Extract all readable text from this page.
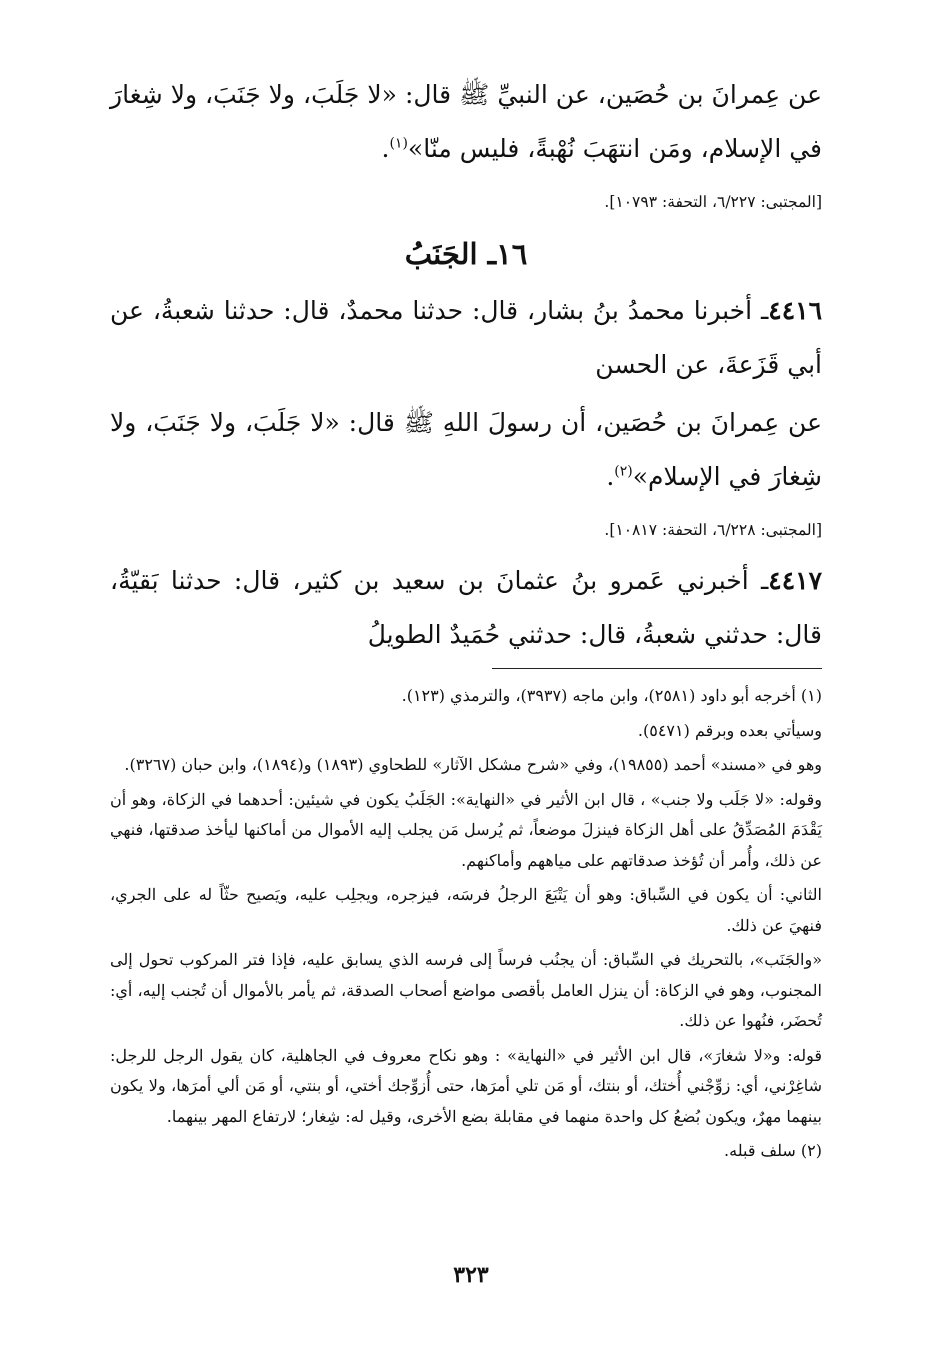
عن عِمرانَ بن حُصَين، عن النبيِّ ﷺ قال: «لا جَلَبَ، ولا جَنَبَ، ولا شِغارَ في الإسلام، ومَن انتهَبَ نُهْبةً، فليس منّا»$^{(١)}$.

[المجتبى: ٦/٢٢٧، التحفة: ١٠٧٩٣].

١٦ـ الجَنَبُ

٤٤١٦ـ أخبرنا محمدُ بنُ بشار، قال: حدثنا محمدٌ، قال: حدثنا شعبةُ، عن أبي قَزَعةَ، عن الحسن

عن عِمرانَ بن حُصَين، أن رسولَ اللهِ ﷺ قال: «لا جَلَبَ، ولا جَنَبَ، ولا شِغارَ في الإسلام»$^{(٢)}$.

[المجتبى: ٦/٢٢٨، التحفة: ١٠٨١٧].

٤٤١٧ـ أخبرني عَمرو بنُ عثمانَ بن سعيد بن كثير، قال: حدثنا بَقيّةُ، قال: حدثني شعبةُ، قال: حدثني حُمَيدٌ الطويلُ

(١) أخرجه أبو داود (٢٥٨١)، وابن ماجه (٣٩٣٧)، والترمذي (١٢٣).

وسيأتي بعده وبرقم (٥٤٧١).

وهو في «مسند» أحمد (١٩٨٥٥)، وفي «شرح مشكل الآثار» للطحاوي (١٨٩٣) و(١٨٩٤)، وابن حبان (٣٢٦٧).

وقوله: «لا جَلَب ولا جنب» ، قال ابن الأثير في «النهاية»: الجَلَبُ يكون في شيئين: أحدهما في الزكاة، وهو أن يَقْدَمَ المُصَدِّقُ على أهل الزكاة فينزلَ موضعاً، ثم يُرسل مَن يجلب إليه الأموال من أماكنها ليأخذ صدقتها، فنهي عن ذلك، وأُمر أن تُؤخذ صدقاتهم على مياههم وأماكنهم.

الثاني: أن يكون في السِّباق: وهو أن يَتْبَعَ الرجلُ فرسَه، فيزجره، ويجلِب عليه، ويَصيح حثّاً له على الجري، فنهيَ عن ذلك.

«والجَنَب»، بالتحريك في السِّباق: أن يجنُب فرساً إلى فرسه الذي يسابق عليه، فإذا فتر المركوب تحول إلى المجنوب، وهو في الزكاة: أن ينزل العامل بأقصى مواضع أصحاب الصدقة، ثم يأمر بالأموال أن تُجنب إليه، أي: تُحضَر، فنُهوا عن ذلك.

قوله: و«لا شغارَ»، قال ابن الأثير في «النهاية» : وهو نكاح معروف في الجاهلية، كان يقول الرجل للرجل: شاغِرْني، أي: زوِّجْني أُختك، أو بنتك، أو مَن تلي أمرَها، حتى أُزوِّجك أختي، أو بنتي، أو مَن ألي أمرَها، ولا يكون بينهما مهرٌ، ويكون بُضعُ كل واحدة منهما في مقابلة بضع الأخرى، وقيل له: شِغار؛ لارتفاع المهر بينهما.

(٢) سلف قبله.

٣٢٣
